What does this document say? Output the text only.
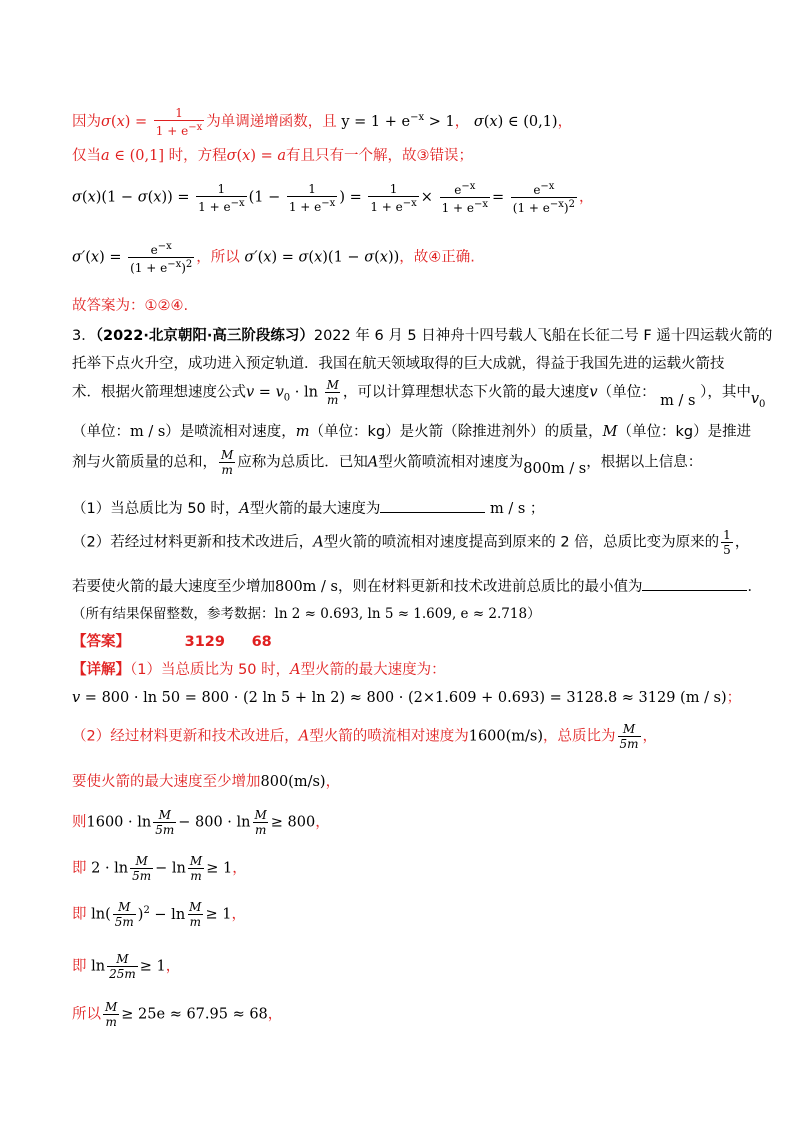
因为$\sigma(x) = \frac{1}{1 + e^{-x}}$ 为单调递增函数，且 $y = 1 + e^{-x} > 1$， σ(x) ∈ (0,1)，
仅当a ∈ (0,1] 时，方程σ(x) = a有且只有一个解，故③错误；
$\sigma(x)(1 - \sigma(x)) = \frac{1}{1 + e^{-x}} (1 - \frac{1}{1 + e^{-x}}$ ) = $\frac{1}{1 + e^{-x}} \times \frac{e^{-x}}{1 + e^{-x}} = \frac{e^{-x}}{(1 + e^{-x})^2}$ ，
$\sigma'(x) = \frac{e^{-x}}{(1 + e^{-x})^2}$ ，所以 σ′(x) = σ(x)(1 − σ(x))，故④正确.
故答案为：①②④.
3．（2022·北京朝阳·高三阶段练习）2022 年 6 月 5 日神舟十四号载人飞船在长征二号 F 遥十四运载火箭的
托举下点火升空，成功进入预定轨道．我国在航天领域取得的巨大成就，得益于我国先进的运载火箭技
术．根据火箭理想速度公式$v = v_0 \cdot \ln \frac{M}{m}$ ，可以计算理想状态下火箭的最大速度v（单位： m / s ），其中$v_0$
（单位：m / s）是喷流相对速度，m（单位：kg）是火箭（除推进剂外）的质量，M（单位：kg）是推进
剂与火箭质量的总和， $\frac{M}{m}$ 应称为总质比．已知A型火箭喷流相对速度为800m / s，根据以上信息：
（1）当总质比为 50 时，A型火箭的最大速度为	m / s ；
（2）若经过材料更新和技术改进后，A型火箭的喷流相对速度提高到原来的 2 倍，总质比变为原来的 $\frac{1}{5}$ ，
若要使火箭的最大速度至少增加800m / s，则在材料更新和技术改进前总质比的最小值为	．
（所有结果保留整数，参考数据：ln 2 ≈ 0.693, ln 5 ≈ 1.609, e ≈ 2.718）
【答案】	3129 68
【详解】（1）当总质比为 50 时，A型火箭的最大速度为：
v = 800 · ln 50 = 800 · (2 ln 5 + ln 2) ≈ 800 · (2×1.609 + 0.693) = 3128.8 ≈ 3129 (m / s)；
（2）经过材料更新和技术改进后，A型火箭的喷流相对速度为1600(m/s)，总质比为 $\frac{M}{5m}$ ，
要使火箭的最大速度至少增加800(m/s)，
则$1600 \cdot \ln \frac{M}{5m} - 800 \cdot \ln \frac{M}{m} \ge 800$，
即 $2 \cdot \ln \frac{M}{5m} - \ln \frac{M}{m} \ge 1$，
即 $\ln( \frac{M}{5m} )^2 - \ln \frac{M}{m} \ge 1$，
即 $\ln \frac{M}{25m} \ge 1$，
所以 $\frac{M}{m} \ge 25e \approx 67.95 \approx 68$，
